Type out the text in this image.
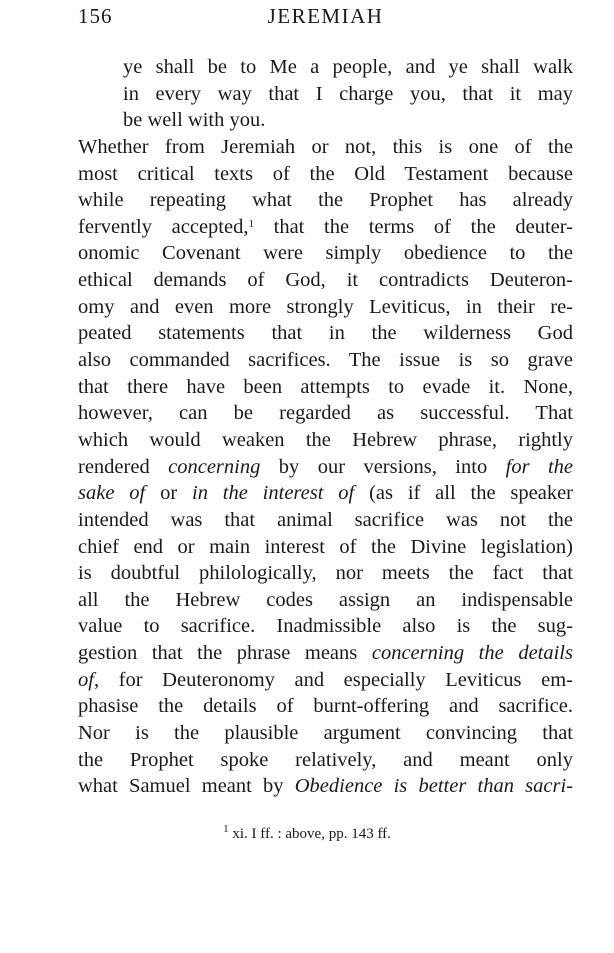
156	JEREMIAH
ye shall be to Me a people, and ye shall walk
in every way that I charge you, that it may
be well with you.
Whether from Jeremiah or not, this is one of the
most critical texts of the Old Testament because
while repeating what the Prophet has already
fervently accepted,$^1$ that the terms of the deuter-
onomic Covenant were simply obedience to the
ethical demands of God, it contradicts Deuteron-
omy and even more strongly Leviticus, in their re-
peated statements that in the wilderness God
also commanded sacrifices. The issue is so grave
that there have been attempts to evade it. None,
however, can be regarded as successful. That
which would weaken the Hebrew phrase, rightly
rendered concerning by our versions, into for the
sake of or in the interest of (as if all the speaker
intended was that animal sacrifice was not the
chief end or main interest of the Divine legislation)
is doubtful philologically, nor meets the fact that
all the Hebrew codes assign an indispensable
value to sacrifice. Inadmissible also is the sug-
gestion that the phrase means concerning the details
of, for Deuteronomy and especially Leviticus em-
phasise the details of burnt-offering and sacrifice.
Nor is the plausible argument convincing that
the Prophet spoke relatively, and meant only
what Samuel meant by Obedience is better than sacri-
$^1$ xi. I ff. : above, pp. 143 ff.
